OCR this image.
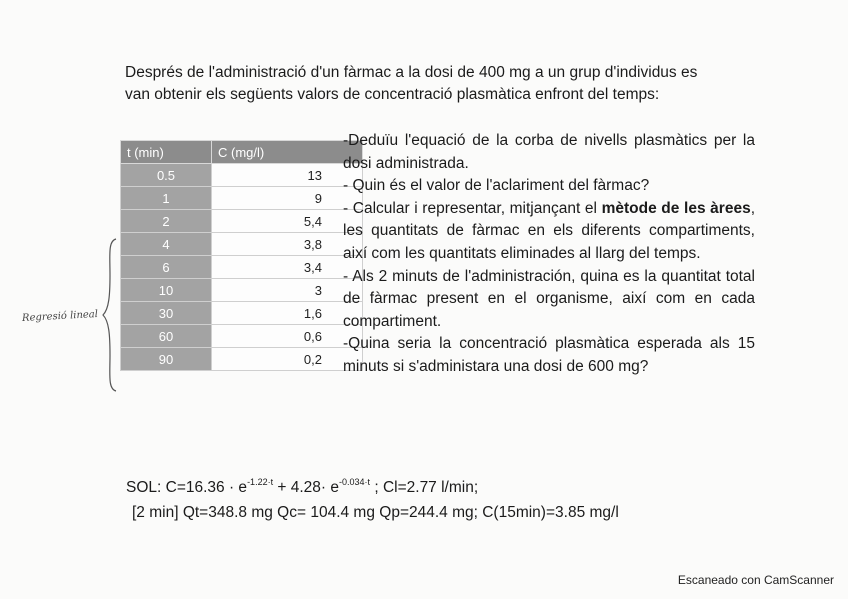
Després de l'administració d'un fàrmac a la dosi de 400 mg a un grup d'individus es

van obtenir els següents valors de concentració plasmàtica enfront del temps:

t (min)	C (mg/l)
0.5	13
1	9
2	5,4
4	3,8
6	3,4
10	3
30	1,6
60	0,6
90	0,2
Regresió lineal

-Deduïu l'equació de la corba de nivells plasmàtics per la dosi administrada.

- Quin és el valor de l'aclariment del fàrmac?

- Calcular i representar, mitjançant el mètode de les àrees, les quantitats de fàrmac en els diferents compartiments, així com les quantitats eliminades al llarg del temps.

- Als 2 minuts de l'administración, quina es la quantitat total de fàrmac present en el organisme, així com en cada compartiment.

-Quina seria la concentració plasmàtica esperada als 15 minuts si s'administara una dosi de 600 mg?

SOL: $C=16.36 \cdot e^{-1.22\cdot t} + 4.28\cdot e^{-0.034\cdot t}$ ; Cl=2.77 l/min;
[2 min] Qt=348.8 mg Qc= 104.4 mg Qp=244.4 mg; C(15min)=3.85 mg/l
Escaneado con CamScanner
